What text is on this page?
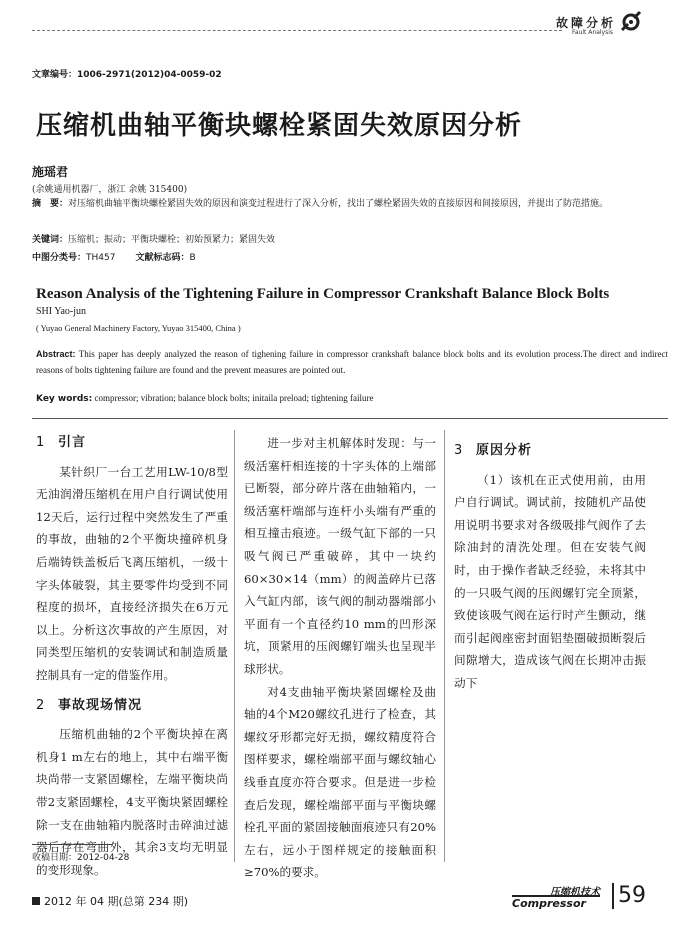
故障分析
Fault Analysis
文章编号：1006-2971(2012)04-0059-02
压缩机曲轴平衡块螺栓紧固失效原因分析
施瑶君
(余姚通用机器厂，浙江 余姚 315400)
摘　要：对压缩机曲轴平衡块螺栓紧固失效的原因和演变过程进行了深入分析，找出了螺栓紧固失效的直接原因和间接原因，并提出了防范措施。
关键词：压缩机；振动；平衡块螺栓；初始预紧力；紧固失效
中图分类号：TH457 文献标志码：B
Reason Analysis of the Tightening Failure in Compressor Crankshaft Balance Block Bolts
SHI Yao-jun
( Yuyao General Machinery Factory, Yuyao 315400, China )
Abstract: This paper has deeply analyzed the reason of tighening failure in compressor crankshaft balance block bolts and its evolution process.The direct and indirect reasons of bolts tightening failure are found and the prevent measures are pointed out.
Key words: compressor; vibration; balance block bolts; initaila preload; tightening failure
1 引言

某针织厂一台工艺用LW-10/8型无油润滑压缩机在用户自行调试使用12天后，运行过程中突然发生了严重的事故，曲轴的2个平衡块撞碎机身后端铸铁盖板后飞离压缩机，一级十字头体破裂，其主要零件均受到不同程度的损坏，直接经济损失在6万元以上。分析这次事故的产生原因，对同类型压缩机的安装调试和制造质量控制具有一定的借鉴作用。

2 事故现场情况

压缩机曲轴的2个平衡块掉在离机身1 m左右的地上，其中右端平衡块尚带一支紧固螺栓，左端平衡块尚带2支紧固螺栓，4支平衡块紧固螺栓除一支在曲轴箱内脱落时击碎油过滤器后存在弯曲外，其余3支均无明显的变形现象。

进一步对主机解体时发现：与一级活塞杆相连接的十字头体的上端部已断裂，部分碎片落在曲轴箱内，一级活塞杆端部与连杆小头端有严重的相互撞击痕迹。一级气缸下部的一只吸气阀已严重破碎，其中一块约60×30×14（mm）的阀盖碎片已落入气缸内部，该气阀的制动器端部小平面有一个直径约10 mm的凹形深坑，顶紧用的压阀螺钉端头也呈现半球形状。

对4支曲轴平衡块紧固螺栓及曲轴的4个M20螺纹孔进行了检查，其螺纹牙形都完好无损，螺纹精度符合图样要求，螺栓端部平面与螺纹轴心线垂直度亦符合要求。但是进一步检查后发现，螺栓端部平面与平衡块螺栓孔平面的紧固接触面痕迹只有20%左右，远小于图样规定的接触面积≥70%的要求。

3 原因分析

（1）该机在正式使用前，由用户自行调试。调试前，按随机产品使用说明书要求对各级吸排气阀作了去除油封的清洗处理。但在安装气阀时，由于操作者缺乏经验，未将其中的一只吸气阀的压阀螺钉完全顶紧，致使该吸气阀在运行时产生颤动，继而引起阀座密封面铝垫圈破损断裂后间隙增大，造成该气阀在长期冲击振动下

收稿日期：2012-04-28
2012 年 04 期(总第 234 期)
压缩机技术
Compressor 59
